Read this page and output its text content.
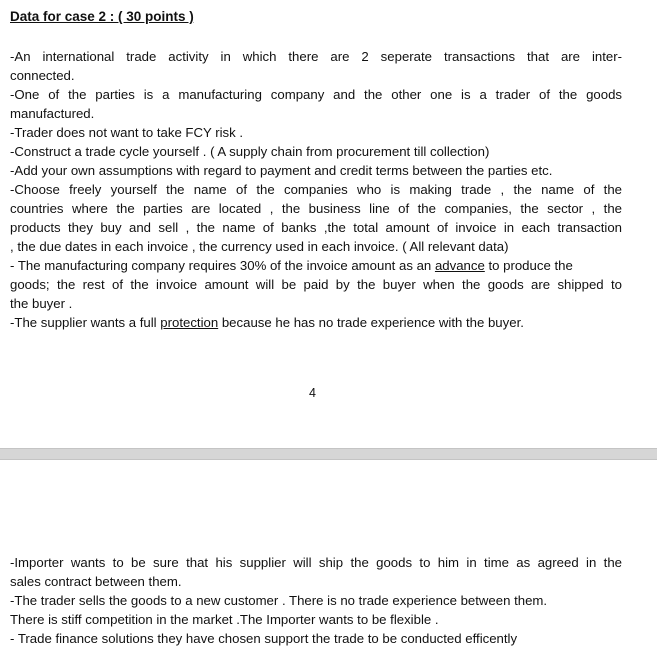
Data for case 2 : ( 30 points )

-An international trade activity in which there are 2 seperate transactions that are inter-
connected.
-One of the parties is a manufacturing company and the other one is a trader of the goods
manufactured.
-Trader does not want to take FCY risk .
-Construct a trade cycle yourself . ( A supply chain from procurement till collection)
-Add your own assumptions with regard to payment and credit terms between the parties etc.
-Choose freely yourself the name of the companies who is making trade , the name of the
countries where the parties are located , the business line of the companies, the sector , the
products they buy and sell , the name of banks ,the total amount of invoice in each transaction
, the due dates in each invoice , the currency used in each invoice. ( All relevant data)
- The manufacturing company requires 30% of the invoice amount as an advance to produce the
goods; the rest of the invoice amount will be paid by the buyer when the goods are shipped to
the buyer .
-The supplier wants a full protection because he has no trade experience with the buyer.

4

-Importer wants to be sure that his supplier will ship the goods to him in time as agreed in the
sales contract between them.
-The trader sells the goods to a new customer . There is no trade experience between them.
There is stiff competition in the market .The Importer wants to be flexible .
- Trade finance solutions they have chosen support the trade to be conducted efficently
